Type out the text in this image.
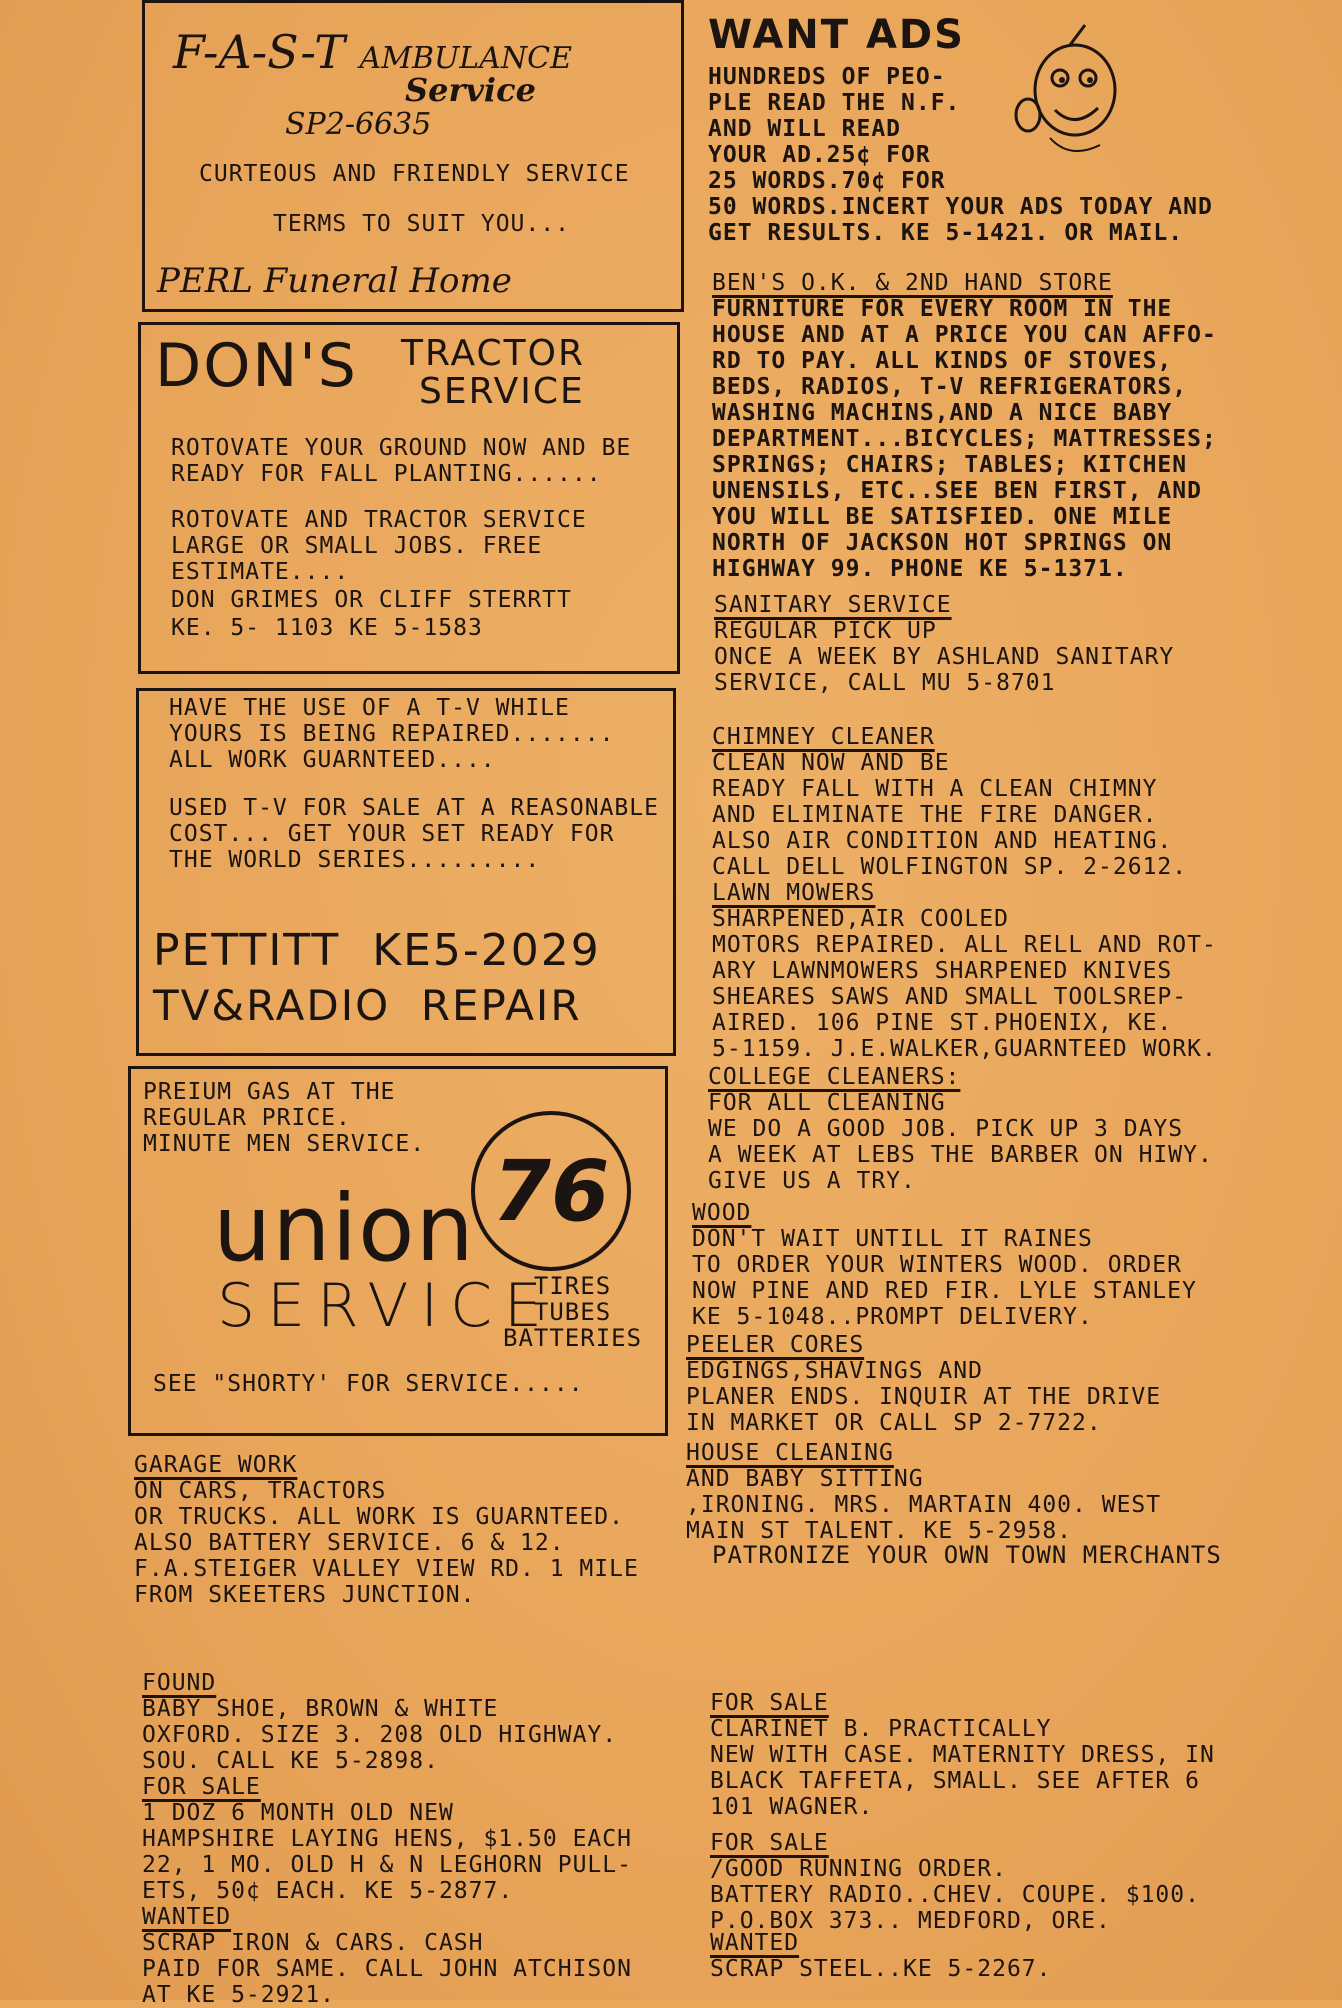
F-A-S-T AMBULANCE
Service
SP2-6635
CURTEOUS AND FRIENDLY SERVICE
TERMS TO SUIT YOU...
PERL Funeral Home
DON'S TRACTOR
SERVICE

ROTOVATE YOUR GROUND NOW AND BE
READY FOR FALL PLANTING......

ROTOVATE AND TRACTOR SERVICE
LARGE OR SMALL JOBS. FREE
ESTIMATE....

DON GRIMES OR CLIFF STERRTT

KE. 5- 1103 KE 5-1583

HAVE THE USE OF A T-V WHILE
YOURS IS BEING REPAIRED.......
ALL WORK GUARNTEED....

USED T-V FOR SALE AT A REASONABLE
COST... GET YOUR SET READY FOR
THE WORLD SERIES.........

PETTITT  KE5-2029
TV&RADIO  REPAIR

PREIUM GAS AT THE
REGULAR PRICE.
MINUTE MEN SERVICE. 76
union
SERVICE

TIRES
TUBES
BATTERIES

SEE "SHORTY' FOR SERVICE.....

WANT ADS

HUNDREDS OF PEO-
PLE READ THE N.F.
AND WILL READ
YOUR AD.25¢ FOR
25 WORDS.70¢ FOR
50 WORDS.INCERT YOUR ADS TODAY AND
GET RESULTS. KE 5-1421. OR MAIL.

BEN'S O.K. & 2ND HAND STORE

FURNITURE FOR EVERY ROOM IN THE
HOUSE AND AT A PRICE YOU CAN AFFO-
RD TO PAY. ALL KINDS OF STOVES,
BEDS, RADIOS, T-V REFRIGERATORS,
WASHING MACHINS,AND A NICE BABY
DEPARTMENT...BICYCLES; MATTRESSES;
SPRINGS; CHAIRS; TABLES; KITCHEN
UNENSILS, ETC..SEE BEN FIRST, AND
YOU WILL BE SATISFIED. ONE MILE
NORTH OF JACKSON HOT SPRINGS ON
HIGHWAY 99. PHONE KE 5-1371.

SANITARY SERVICE

REGULAR PICK UP
ONCE A WEEK BY ASHLAND SANITARY
SERVICE, CALL MU 5-8701

CHIMNEY CLEANER

CLEAN NOW AND BE
READY FALL WITH A CLEAN CHIMNY
AND ELIMINATE THE FIRE DANGER.
ALSO AIR CONDITION AND HEATING.
CALL DELL WOLFINGTON SP. 2-2612.

LAWN MOWERS

SHARPENED,AIR COOLED
MOTORS REPAIRED. ALL RELL AND ROT-
ARY LAWNMOWERS SHARPENED KNIVES
SHEARES SAWS AND SMALL TOOLSREP-
AIRED. 106 PINE ST.PHOENIX, KE.
5-1159. J.E.WALKER,GUARNTEED WORK.

COLLEGE CLEANERS:

FOR ALL CLEANING
WE DO A GOOD JOB. PICK UP 3 DAYS
A WEEK AT LEBS THE BARBER ON HIWY.
GIVE US A TRY.

WOOD

DON'T WAIT UNTILL IT RAINES
TO ORDER YOUR WINTERS WOOD. ORDER
NOW PINE AND RED FIR. LYLE STANLEY
KE 5-1048..PROMPT DELIVERY.

PEELER CORES

EDGINGS,SHAVINGS AND
PLANER ENDS. INQUIR AT THE DRIVE
IN MARKET OR CALL SP 2-7722.

HOUSE CLEANING

AND BABY SITTING
,IRONING. MRS. MARTAIN 400. WEST
MAIN ST TALENT. KE 5-2958.

GARAGE WORK

ON CARS, TRACTORS
OR TRUCKS. ALL WORK IS GUARNTEED.
ALSO BATTERY SERVICE. 6 & 12.
F.A.STEIGER VALLEY VIEW RD. 1 MILE
FROM SKEETERS JUNCTION.

PATRONIZE YOUR OWN TOWN MERCHANTS

FOUND

BABY SHOE, BROWN & WHITE
OXFORD. SIZE 3. 208 OLD HIGHWAY.
SOU. CALL KE 5-2898.

FOR SALE

1 DOZ 6 MONTH OLD NEW
HAMPSHIRE LAYING HENS, $1.50 EACH
22, 1 MO. OLD H & N LEGHORN PULL-
ETS, 50¢ EACH. KE 5-2877.

WANTED

SCRAP IRON & CARS. CASH
PAID FOR SAME. CALL JOHN ATCHISON
AT KE 5-2921.

FOR SALE

CLARINET B. PRACTICALLY
NEW WITH CASE. MATERNITY DRESS, IN
BLACK TAFFETA, SMALL. SEE AFTER 6
101 WAGNER.

FOR SALE

/GOOD RUNNING ORDER.
BATTERY RADIO..CHEV. COUPE. $100.
P.O.BOX 373.. MEDFORD, ORE.

WANTED

SCRAP STEEL..KE 5-2267.
